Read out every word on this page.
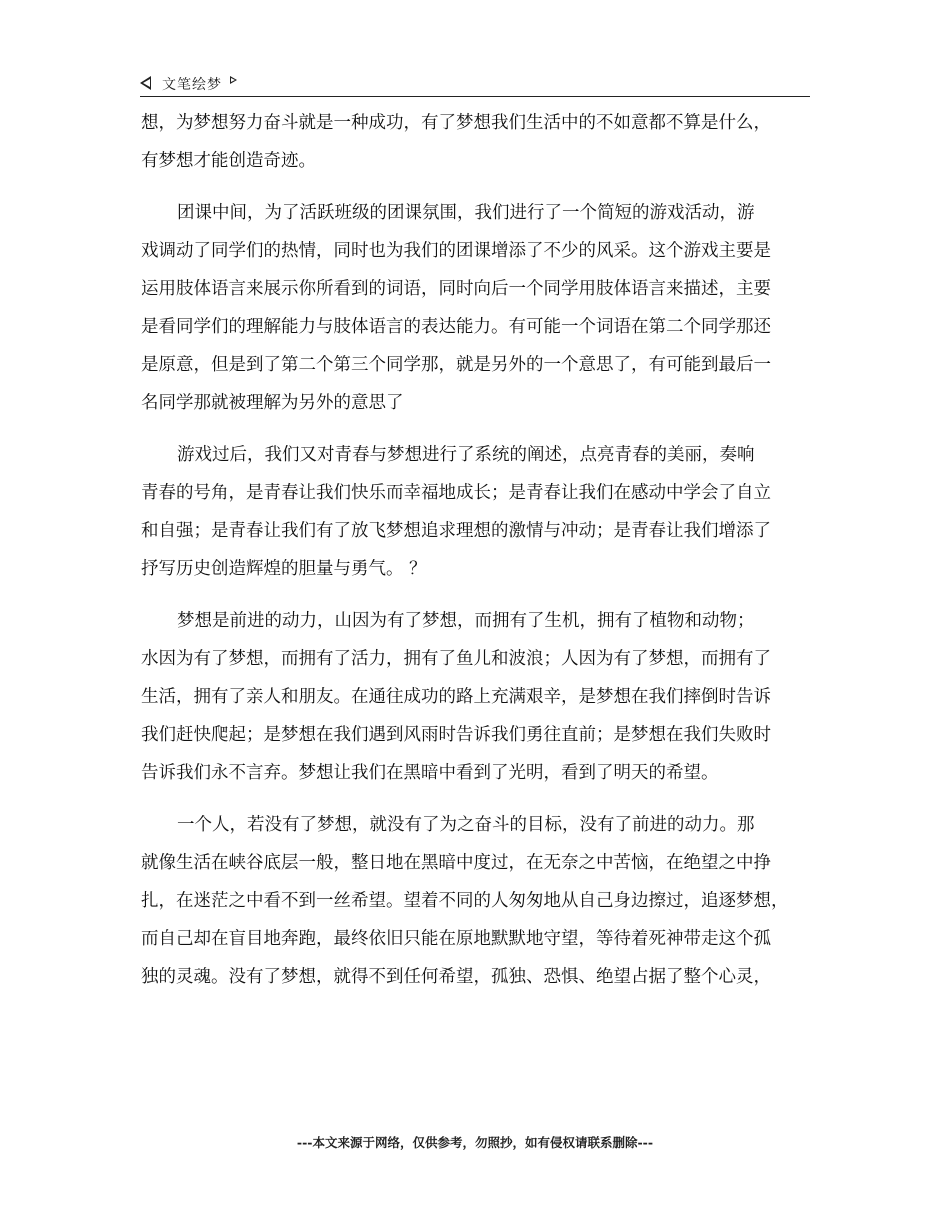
文笔绘梦
想，为梦想努力奋斗就是一种成功，有了梦想我们生活中的不如意都不算是什么，
有梦想才能创造奇迹。
团课中间，为了活跃班级的团课氛围，我们进行了一个简短的游戏活动，游
戏调动了同学们的热情，同时也为我们的团课增添了不少的风采。这个游戏主要是
运用肢体语言来展示你所看到的词语，同时向后一个同学用肢体语言来描述，主要
是看同学们的理解能力与肢体语言的表达能力。有可能一个词语在第二个同学那还
是原意，但是到了第二个第三个同学那，就是另外的一个意思了，有可能到最后一
名同学那就被理解为另外的意思了
游戏过后，我们又对青春与梦想进行了系统的阐述，点亮青春的美丽，奏响
青春的号角，是青春让我们快乐而幸福地成长；是青春让我们在感动中学会了自立
和自强；是青春让我们有了放飞梦想追求理想的激情与冲动；是青春让我们增添了
抒写历史创造辉煌的胆量与勇气。 ？
梦想是前进的动力，山因为有了梦想，而拥有了生机，拥有了植物和动物；
水因为有了梦想，而拥有了活力，拥有了鱼儿和波浪；人因为有了梦想，而拥有了
生活，拥有了亲人和朋友。在通往成功的路上充满艰辛，是梦想在我们摔倒时告诉
我们赶快爬起；是梦想在我们遇到风雨时告诉我们勇往直前；是梦想在我们失败时
告诉我们永不言弃。梦想让我们在黑暗中看到了光明，看到了明天的希望。
一个人，若没有了梦想，就没有了为之奋斗的目标，没有了前进的动力。那
就像生活在峡谷底层一般，整日地在黑暗中度过，在无奈之中苦恼，在绝望之中挣
扎，在迷茫之中看不到一丝希望。望着不同的人匆匆地从自己身边擦过，追逐梦想，
而自己却在盲目地奔跑，最终依旧只能在原地默默地守望，等待着死神带走这个孤
独的灵魂。没有了梦想，就得不到任何希望，孤独、恐惧、绝望占据了整个心灵，
---本文来源于网络，仅供参考，勿照抄，如有侵权请联系删除---
